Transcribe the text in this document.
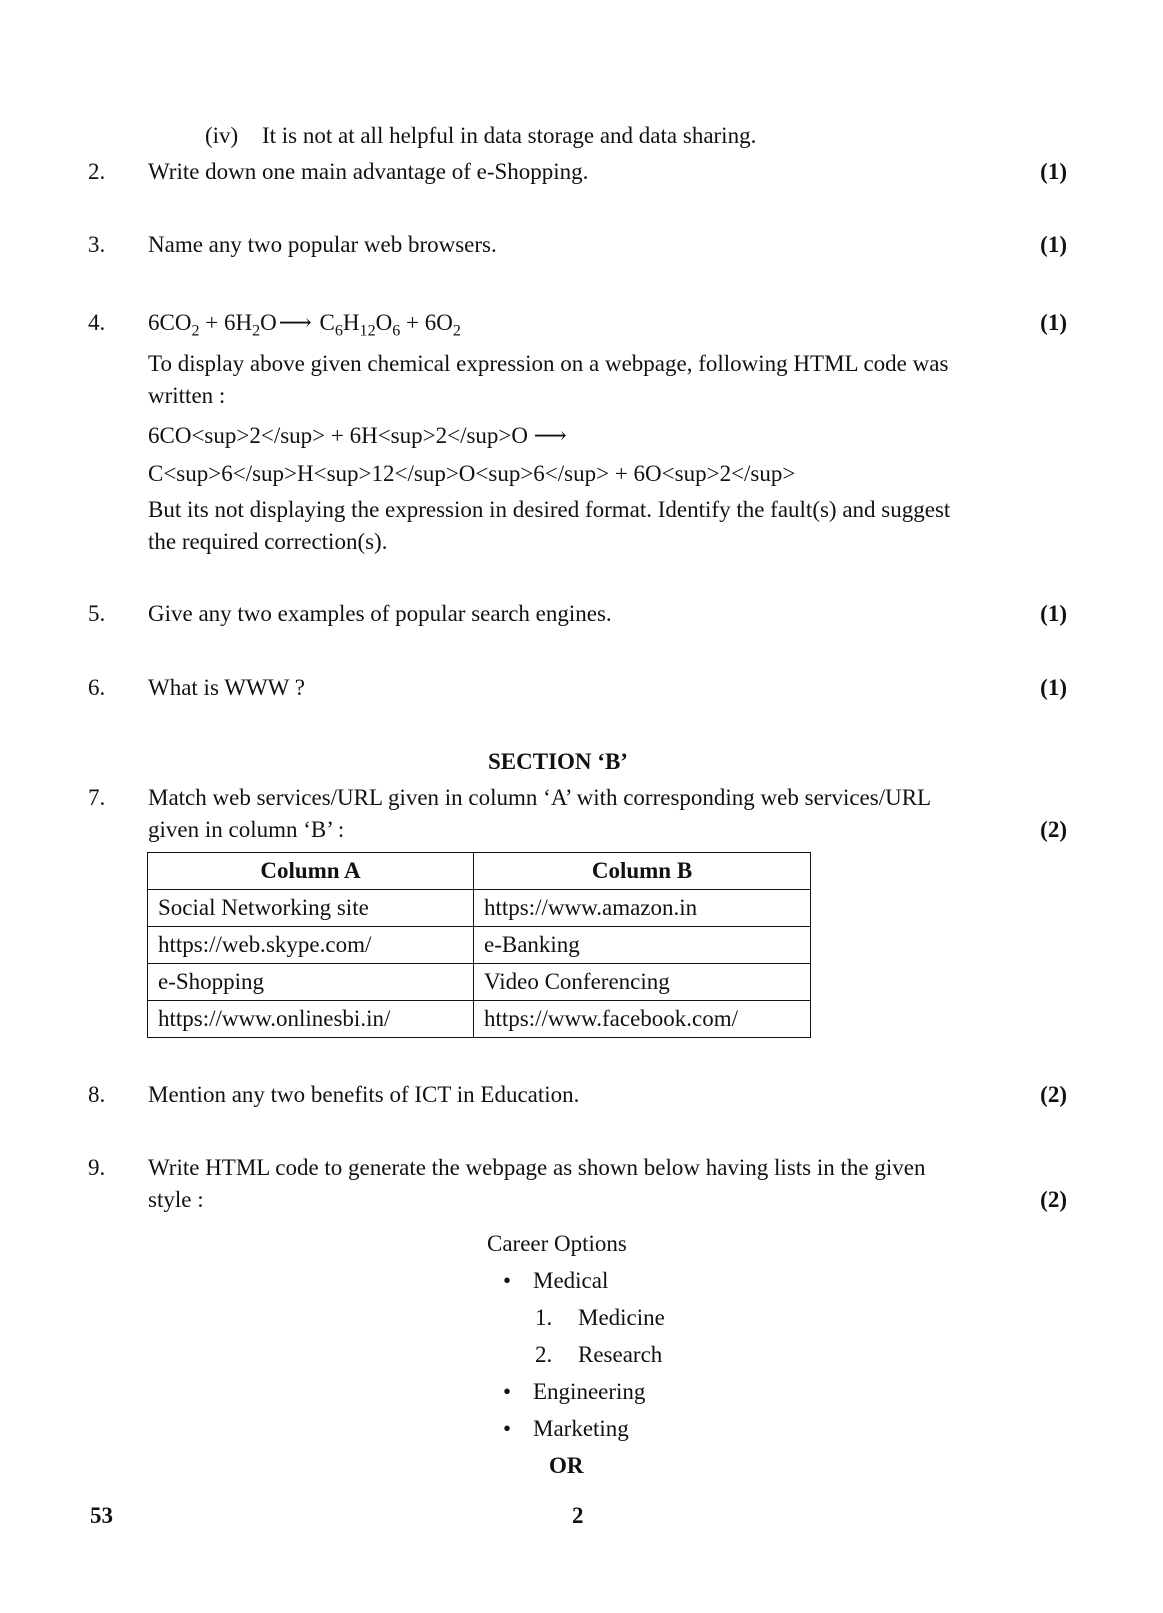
(iv) It is not at all helpful in data storage and data sharing.
2. Write down one main advantage of e-Shopping.	(1)
3. Name any two popular web browsers.	(1)
4. $6CO_2$ + $6H_2O⟶$ $C_6H_{12}O_6 + 6O_2$	(1)
To display above given chemical expression on a webpage, following HTML code was
written :
6CO<sup>2</sup> + 6H<sup>2</sup>O ⟶
C<sup>6</sup>H<sup>12</sup>O<sup>6</sup> + 6O<sup>2</sup>
But its not displaying the expression in desired format. Identify the fault(s) and suggest
the required correction(s).
5. Give any two examples of popular search engines.	(1)
6. What is WWW ?	(1)
SECTION ‘B’
7. Match web services/URL given in column ‘A’ with corresponding web services/URL
given in column ‘B’ :	(2)
Column A	Column B
Social Networking site	https://www.amazon.in
https://web.skype.com/	e-Banking
e-Shopping	Video Conferencing
https://www.onlinesbi.in/	https://www.facebook.com/
8. Mention any two benefits of ICT in Education.	(2)
9. Write HTML code to generate the webpage as shown below having lists in the given
style :	(2)
Career Options
• Medical
1. Medicine
2. Research
• Engineering
• Marketing
OR
53	2
